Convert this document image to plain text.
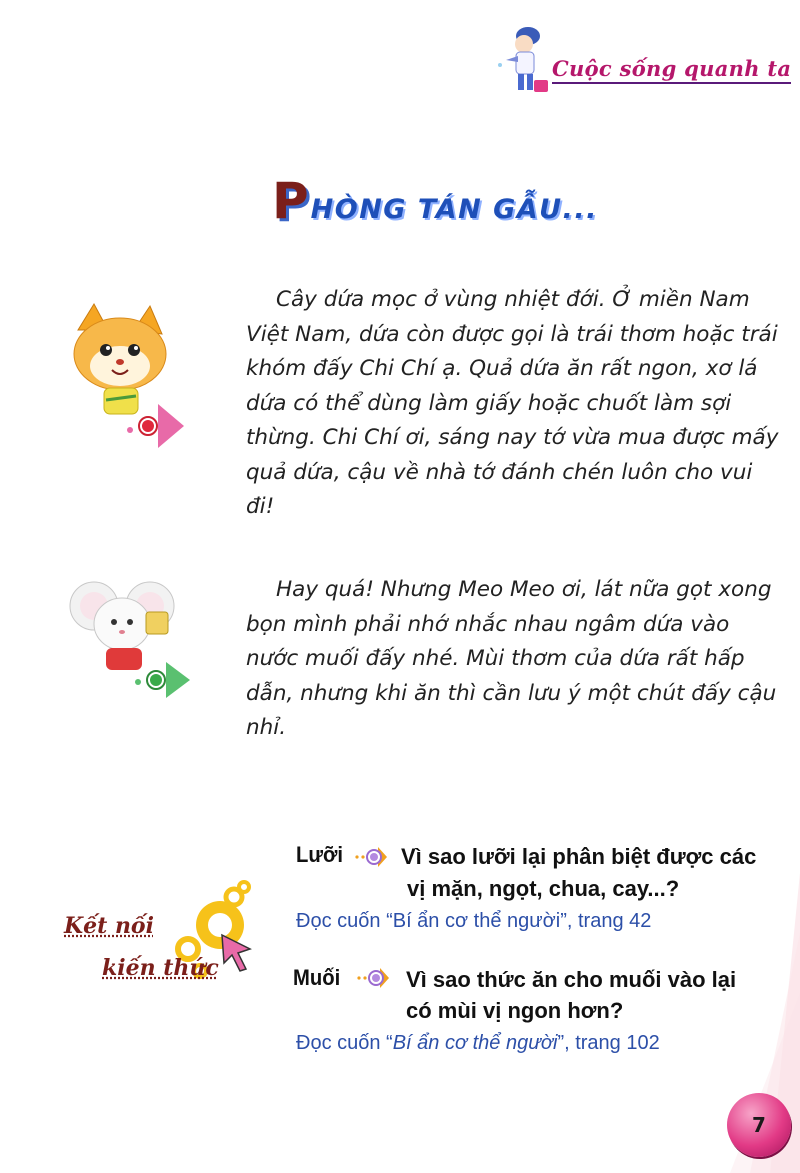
Cuộc sống quanh ta
PHÒNG TÁN GẪU...
Cây dứa mọc ở vùng nhiệt đới. Ở miền Nam Việt Nam, dứa còn được gọi là trái thơm hoặc trái khóm đấy Chi Chí ạ. Quả dứa ăn rất ngon, xơ lá dứa có thể dùng làm giấy hoặc chuốt làm sợi thừng. Chi Chí ơi, sáng nay tớ vừa mua được mấy quả dứa, cậu về nhà tớ đánh chén luôn cho vui đi!
Hay quá! Nhưng Meo Meo ơi, lát nữa gọt xong bọn mình phải nhớ nhắc nhau ngâm dứa vào nước muối đấy nhé. Mùi thơm của dứa rất hấp dẫn, nhưng khi ăn thì cần lưu ý một chút đấy cậu nhỉ.
Kết nối
kiến thức
Lưỡi	Vì sao lưỡi lại phân biệt được các
vị mặn, ngọt, chua, cay...?
Đọc cuốn “Bí ẩn cơ thể người”, trang 42
Muối	Vì sao thức ăn cho muối vào lại
có mùi vị ngon hơn?
Đọc cuốn “Bí ẩn cơ thể người”, trang 102
7
